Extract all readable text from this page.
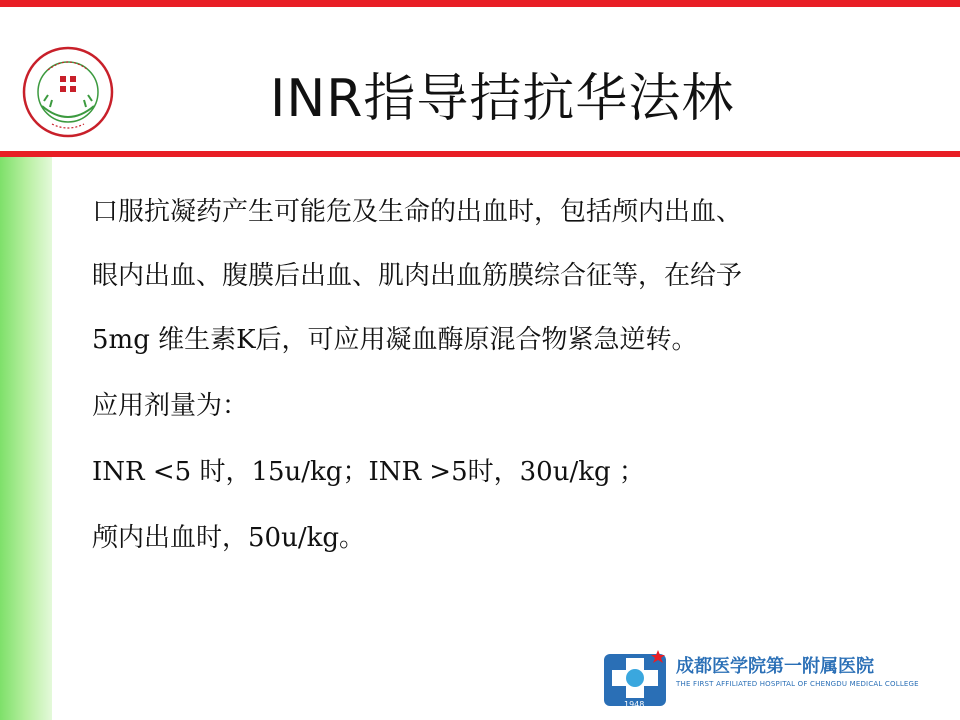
INR指导拮抗华法林

口服抗凝药产生可能危及生命的出血时，包括颅内出血、

眼内出血、腹膜后出血、肌肉出血筋膜综合征等，在给予

5mg 维生素K后，可应用凝血酶原混合物紧急逆转。

应用剂量为：

INR <5 时，15u/kg；INR >5时，30u/kg ；

颅内出血时，50u/kg。

成都医学院第一附属医院
THE FIRST AFFILIATED HOSPITAL OF CHENGDU MEDICAL COLLEGE
1948
